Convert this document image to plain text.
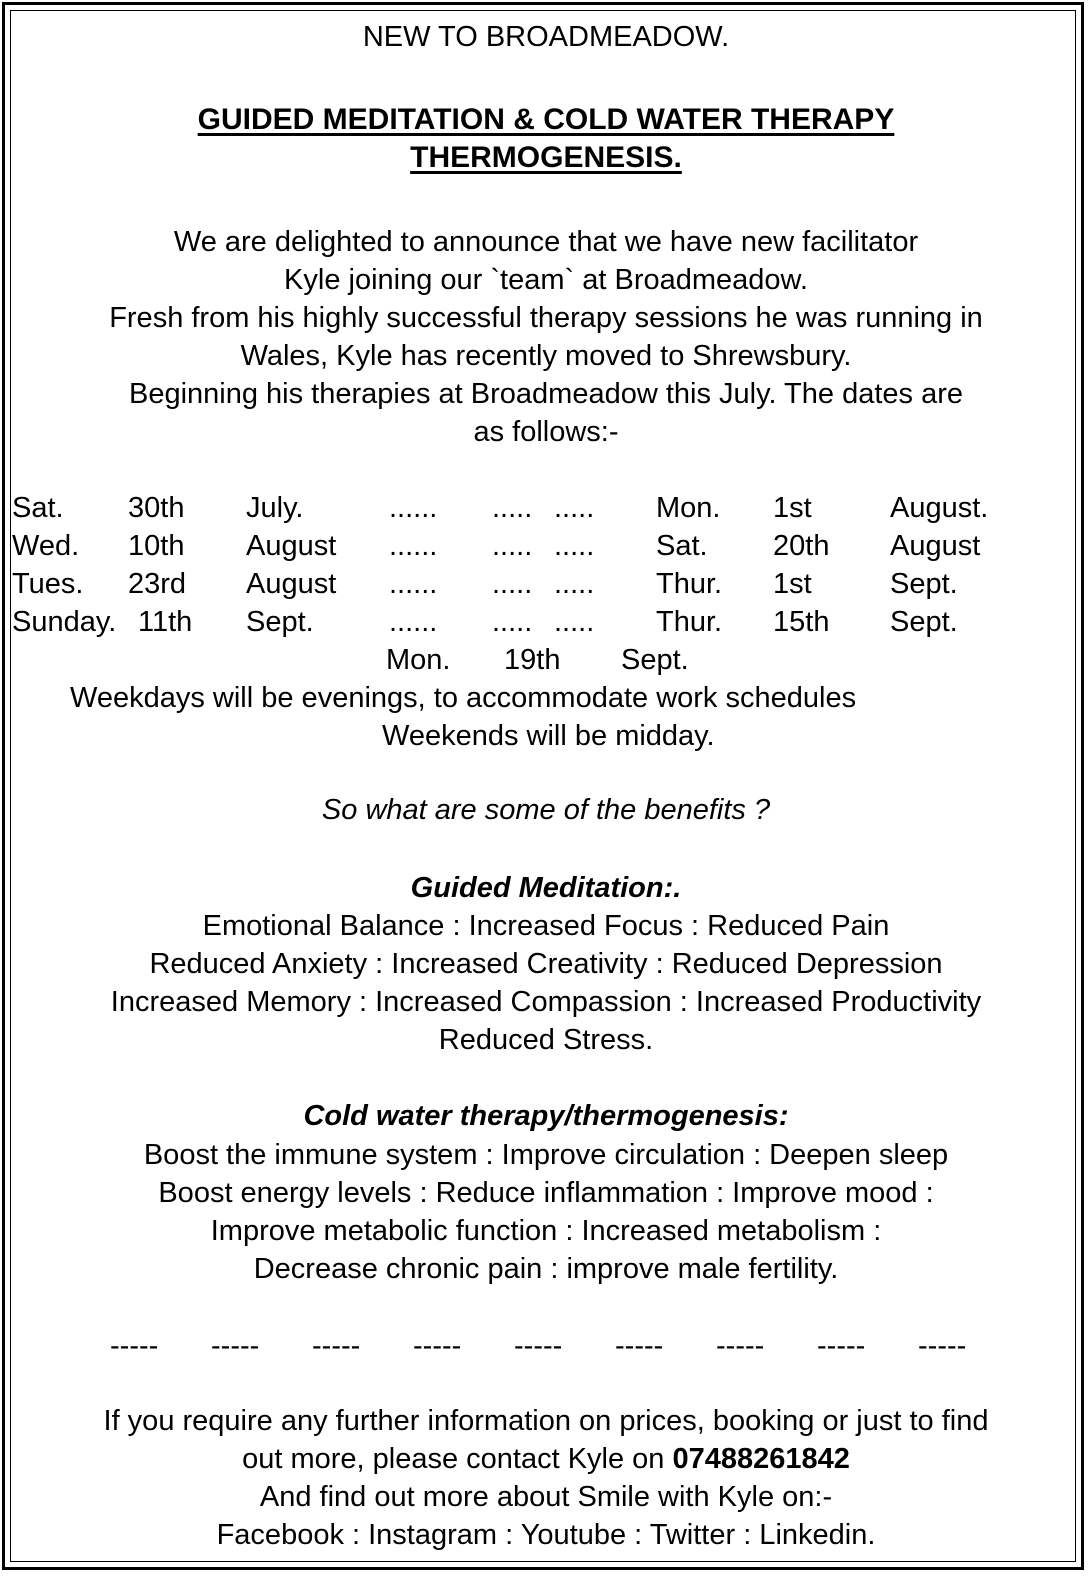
NEW TO BROADMEADOW.
GUIDED MEDITATION & COLD WATER THERAPY
THERMOGENESIS.
We are delighted to announce that we have new facilitator
Kyle joining our `team` at Broadmeadow.
Fresh from his highly successful therapy sessions he was running in
Wales, Kyle has recently moved to Shrewsbury.
Beginning his therapies at Broadmeadow this July. The dates are
as follows:-
Sat. 30th July.	...... ..... ..... Mon. 1st	August.
Wed. 10th August ...... ..... ..... Sat. 20th August
Tues. 23rd August ...... ..... ..... Thur. 1st	Sept.
Sunday. 11th Sept.	...... ..... ..... Thur. 15th Sept.
Mon. 19th Sept.
Weekdays will be evenings, to accommodate work schedules
Weekends will be midday.
So what are some of the benefits ?
Guided Meditation:.
Emotional Balance : Increased Focus : Reduced Pain
Reduced Anxiety : Increased Creativity : Reduced Depression
Increased Memory : Increased Compassion : Increased Productivity
Reduced Stress.
Cold water therapy/thermogenesis:
Boost the immune system : Improve circulation : Deepen sleep
Boost energy levels : Reduce inflammation : Improve mood :
Improve metabolic function : Increased metabolism :
Decrease chronic pain : improve male fertility.
----- ----- ----- ----- ----- ----- ----- ----- -----
If you require any further information on prices, booking or just to find
out more, please contact Kyle on 07488261842
And find out more about Smile with Kyle on:-
Facebook : Instagram : Youtube : Twitter : Linkedin.
